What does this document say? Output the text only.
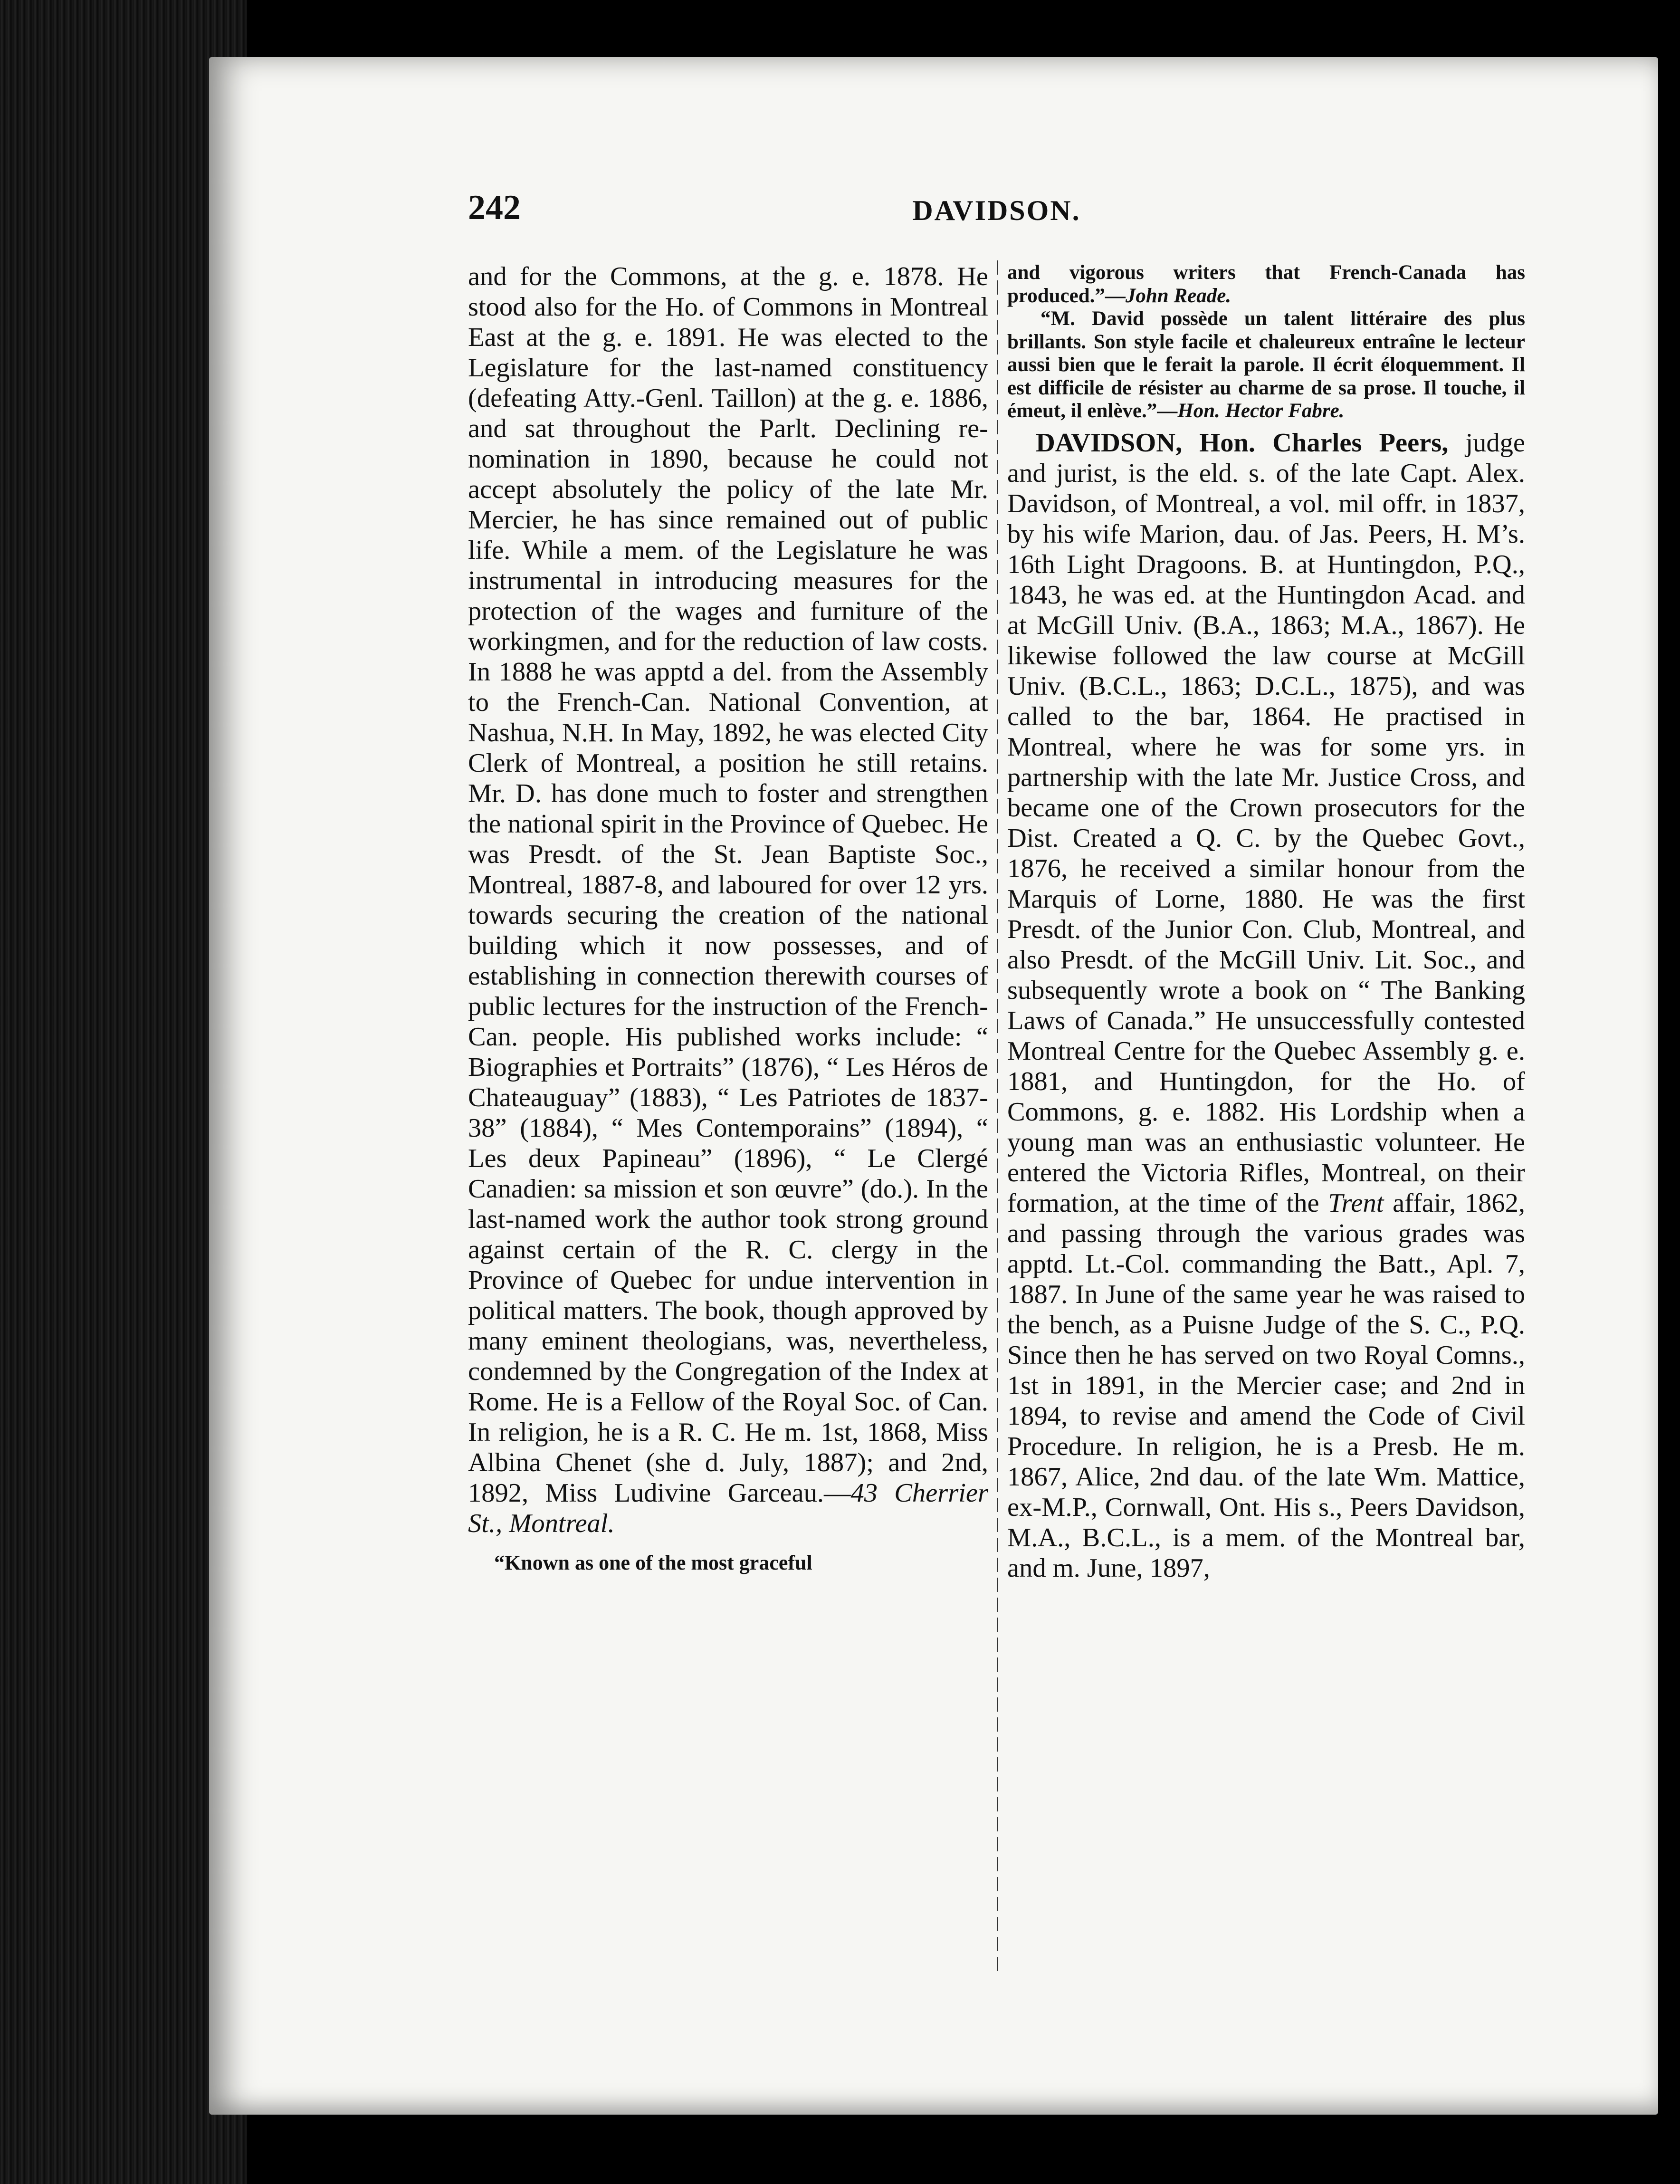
242	DAVIDSON.

and for the Commons, at the g. e. 1878. He stood also for the Ho. of Commons in Montreal East at the g. e. 1891. He was elected to the Legislature for the last-named constituency (defeating Atty.-Genl. Taillon) at the g. e. 1886, and sat throughout the Parlt. Declining re-nomination in 1890, because he could not accept absolutely the policy of the late Mr. Mercier, he has since remained out of public life. While a mem. of the Legislature he was instrumental in introducing measures for the protection of the wages and furniture of the workingmen, and for the reduction of law costs. In 1888 he was apptd a del. from the Assembly to the French-Can. National Convention, at Nashua, N.H. In May, 1892, he was elected City Clerk of Montreal, a position he still retains. Mr. D. has done much to foster and strengthen the national spirit in the Province of Quebec. He was Presdt. of the St. Jean Baptiste Soc., Montreal, 1887-8, and laboured for over 12 yrs. towards securing the creation of the national building which it now possesses, and of establishing in connection therewith courses of public lectures for the instruction of the French-Can. people. His published works include: “ Biographies et Portraits” (1876), “ Les Héros de Chateauguay” (1883), “ Les Patriotes de 1837-38” (1884), “ Mes Contemporains” (1894), “ Les deux Papineau” (1896), “ Le Clergé Canadien: sa mission et son œuvre” (do.). In the last-named work the author took strong ground against certain of the R. C. clergy in the Province of Quebec for undue intervention in political matters. The book, though approved by many eminent theologians, was, nevertheless, condemned by the Congregation of the Index at Rome. He is a Fellow of the Royal Soc. of Can. In religion, he is a R. C. He m. 1st, 1868, Miss Albina Chenet (she d. July, 1887); and 2nd, 1892, Miss Ludivine Garceau.—43 Cherrier St., Montreal.

“Known as one of the most graceful

and vigorous writers that French-Canada has produced.”—John Reade.

“M. David possède un talent littéraire des plus brillants. Son style facile et chaleureux entraîne le lecteur aussi bien que le ferait la parole. Il écrit éloquemment. Il est difficile de résister au charme de sa prose. Il touche, il émeut, il enlève.”—Hon. Hector Fabre.

DAVIDSON, Hon. Charles Peers, judge and jurist, is the eld. s. of the late Capt. Alex. Davidson, of Montreal, a vol. mil offr. in 1837, by his wife Marion, dau. of Jas. Peers, H. M’s. 16th Light Dragoons. B. at Huntingdon, P.Q., 1843, he was ed. at the Huntingdon Acad. and at McGill Univ. (B.A., 1863; M.A., 1867). He likewise followed the law course at McGill Univ. (B.C.L., 1863; D.C.L., 1875), and was called to the bar, 1864. He practised in Montreal, where he was for some yrs. in partnership with the late Mr. Justice Cross, and became one of the Crown prosecutors for the Dist. Created a Q. C. by the Quebec Govt., 1876, he received a similar honour from the Marquis of Lorne, 1880. He was the first Presdt. of the Junior Con. Club, Montreal, and also Presdt. of the McGill Univ. Lit. Soc., and subsequently wrote a book on “ The Banking Laws of Canada.” He unsuccessfully contested Montreal Centre for the Quebec Assembly g. e. 1881, and Huntingdon, for the Ho. of Commons, g. e. 1882. His Lordship when a young man was an enthusiastic volunteer. He entered the Victoria Rifles, Montreal, on their formation, at the time of the Trent affair, 1862, and passing through the various grades was apptd. Lt.-Col. commanding the Batt., Apl. 7, 1887. In June of the same year he was raised to the bench, as a Puisne Judge of the S. C., P.Q. Since then he has served on two Royal Comns., 1st in 1891, in the Mercier case; and 2nd in 1894, to revise and amend the Code of Civil Procedure. In religion, he is a Presb. He m. 1867, Alice, 2nd dau. of the late Wm. Mattice, ex-M.P., Cornwall, Ont. His s., Peers Davidson, M.A., B.C.L., is a mem. of the Montreal bar, and m. June, 1897,
